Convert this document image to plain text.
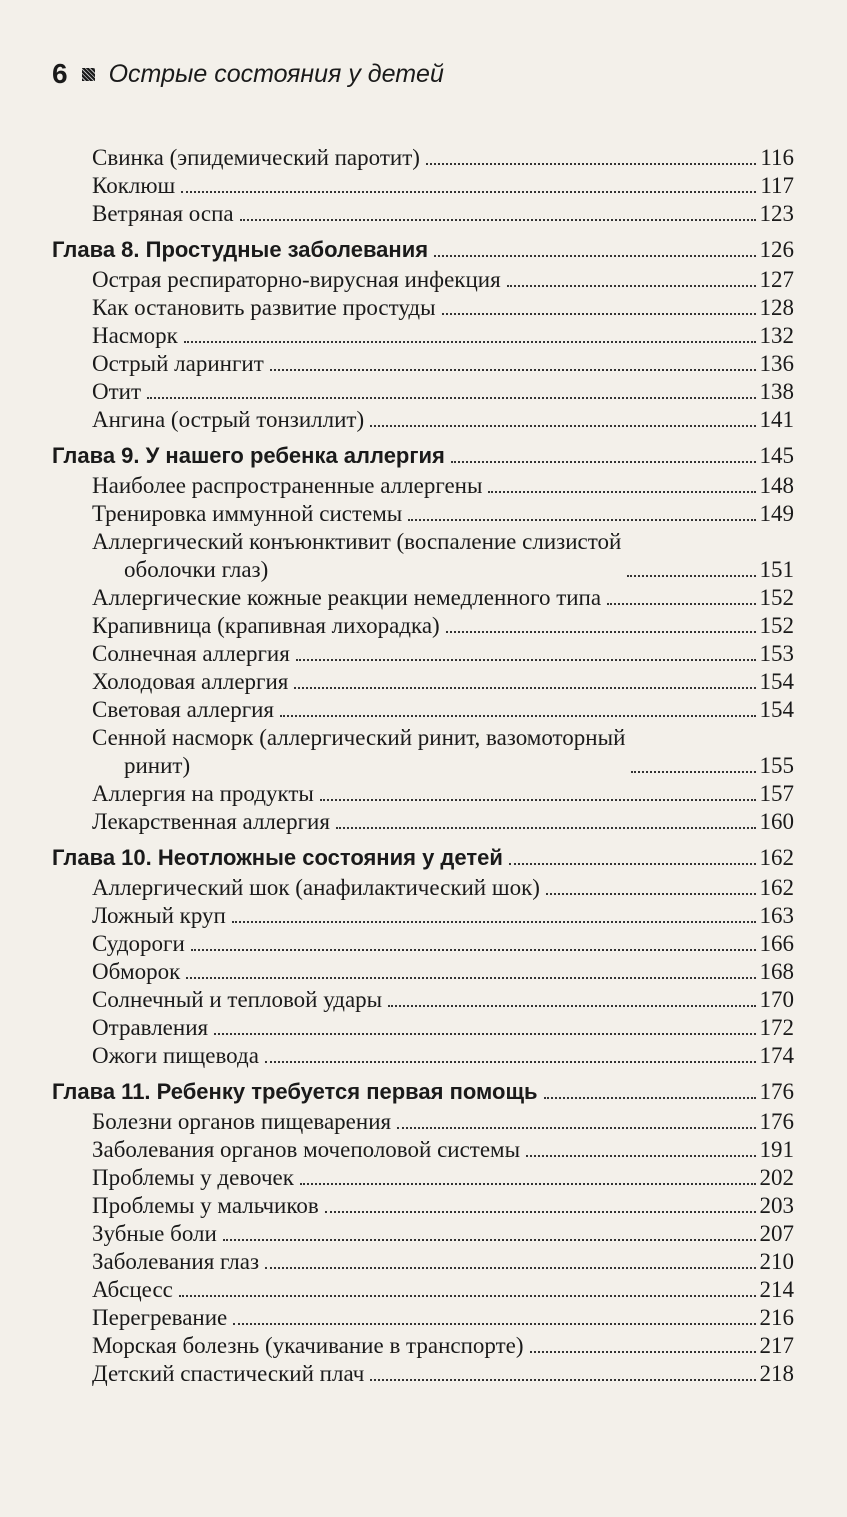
6 Острые состояния у детей
Свинка (эпидемический паротит)	116
Коклюш	117
Ветряная оспа	123
Глава 8. Простудные заболевания	126
Острая респираторно-вирусная инфекция	127
Как остановить развитие простуды	128
Насморк	132
Острый ларингит	136
Отит	138
Ангина (острый тонзиллит)	141
Глава 9. У нашего ребенка аллергия	145
Наиболее распространенные аллергены	148
Тренировка иммунной системы	149
Аллергический конъюнктивит (воспаление слизистой
оболочки глаз)	151
Аллергические кожные реакции немедленного типа	152
Крапивница (крапивная лихорадка)	152
Солнечная аллергия	153
Холодовая аллергия	154
Световая аллергия	154
Сенной насморк (аллергический ринит, вазомоторный
ринит)	155
Аллергия на продукты	157
Лекарственная аллергия	160
Глава 10. Неотложные состояния у детей	162
Аллергический шок (анафилактический шок)	162
Ложный круп	163
Судороги	166
Обморок	168
Солнечный и тепловой удары	170
Отравления	172
Ожоги пищевода	174
Глава 11. Ребенку требуется первая помощь	176
Болезни органов пищеварения	176
Заболевания органов мочеполовой системы	191
Проблемы у девочек	202
Проблемы у мальчиков	203
Зубные боли	207
Заболевания глаз	210
Абсцесс	214
Перегревание	216
Морская болезнь (укачивание в транспорте)	217
Детский спастический плач	218
